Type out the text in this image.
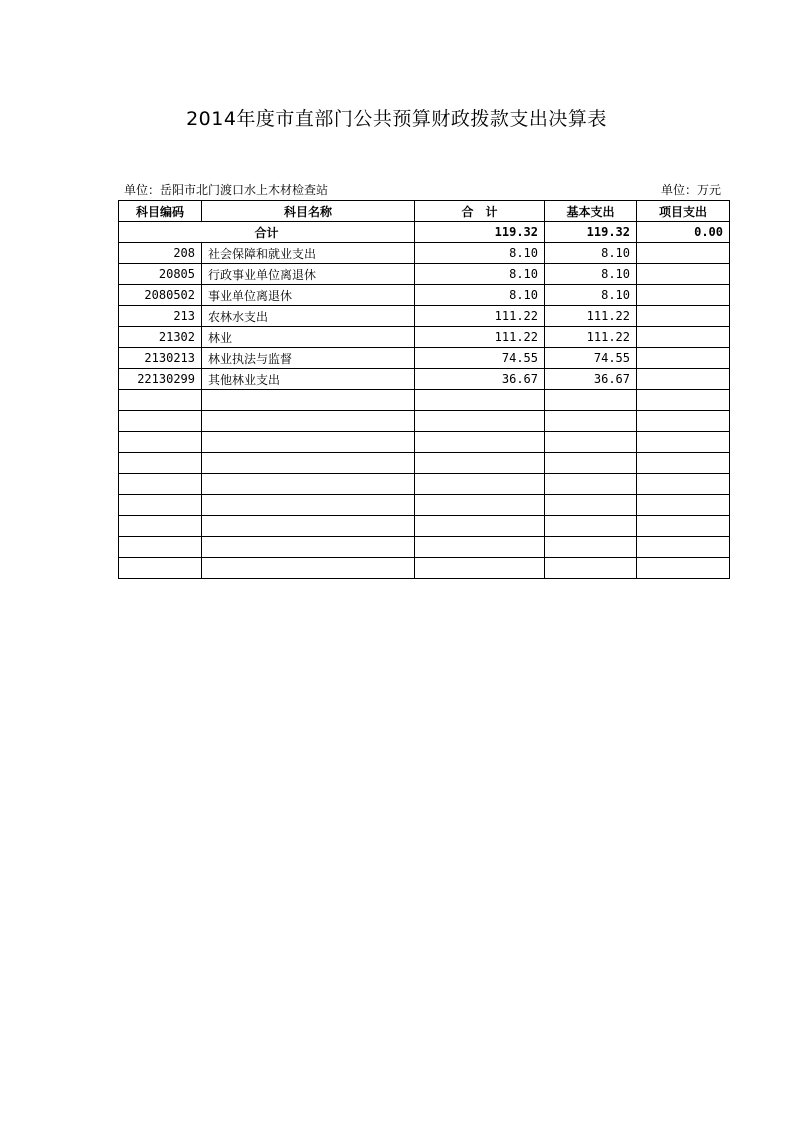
2014年度市直部门公共预算财政拨款支出决算表
单位：岳阳市北门渡口水上木材检查站	单位：万元
科目编码	科目名称	合　计	基本支出	项目支出
合计		119.32	119.32	0.00
208	社会保障和就业支出	8.10	8.10	
20805	行政事业单位离退休	8.10	8.10	
2080502	事业单位离退休	8.10	8.10	
213	农林水支出	111.22	111.22	
21302	林业	111.22	111.22	
2130213	林业执法与监督	74.55	74.55	
22130299	其他林业支出	36.67	36.67	
